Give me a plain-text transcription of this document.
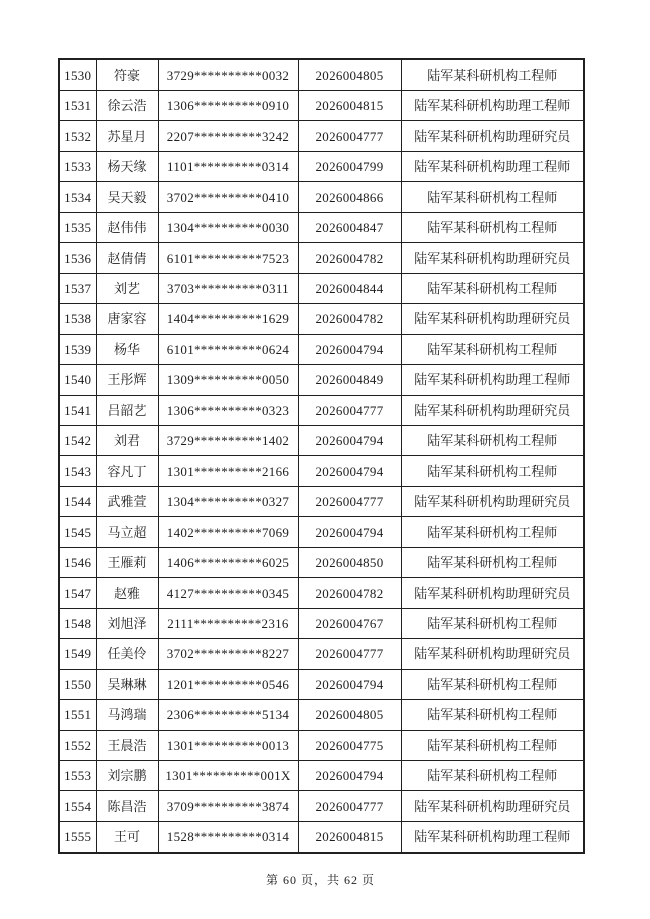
1530	符豪	3729**********0032	2026004805	陆军某科研机构工程师
1531	徐云浩	1306**********0910	2026004815	陆军某科研机构助理工程师
1532	苏星月	2207**********3242	2026004777	陆军某科研机构助理研究员
1533	杨天缘	1101**********0314	2026004799	陆军某科研机构助理工程师
1534	吴天毅	3702**********0410	2026004866	陆军某科研机构工程师
1535	赵伟伟	1304**********0030	2026004847	陆军某科研机构工程师
1536	赵倩倩	6101**********7523	2026004782	陆军某科研机构助理研究员
1537	刘艺	3703**********0311	2026004844	陆军某科研机构工程师
1538	唐家容	1404**********1629	2026004782	陆军某科研机构助理研究员
1539	杨华	6101**********0624	2026004794	陆军某科研机构工程师
1540	王彤辉	1309**********0050	2026004849	陆军某科研机构助理工程师
1541	吕韶艺	1306**********0323	2026004777	陆军某科研机构助理研究员
1542	刘君	3729**********1402	2026004794	陆军某科研机构工程师
1543	容凡丁	1301**********2166	2026004794	陆军某科研机构工程师
1544	武雅萱	1304**********0327	2026004777	陆军某科研机构助理研究员
1545	马立超	1402**********7069	2026004794	陆军某科研机构工程师
1546	王雁莉	1406**********6025	2026004850	陆军某科研机构工程师
1547	赵雅	4127**********0345	2026004782	陆军某科研机构助理研究员
1548	刘旭泽	2111**********2316	2026004767	陆军某科研机构工程师
1549	任美伶	3702**********8227	2026004777	陆军某科研机构助理研究员
1550	吴琳琳	1201**********0546	2026004794	陆军某科研机构工程师
1551	马鸿瑞	2306**********5134	2026004805	陆军某科研机构工程师
1552	王晨浩	1301**********0013	2026004775	陆军某科研机构工程师
1553	刘宗鹏	1301**********001X	2026004794	陆军某科研机构工程师
1554	陈昌浩	3709**********3874	2026004777	陆军某科研机构助理研究员
1555	王可	1528**********0314	2026004815	陆军某科研机构助理工程师
第 60 页，共 62 页
